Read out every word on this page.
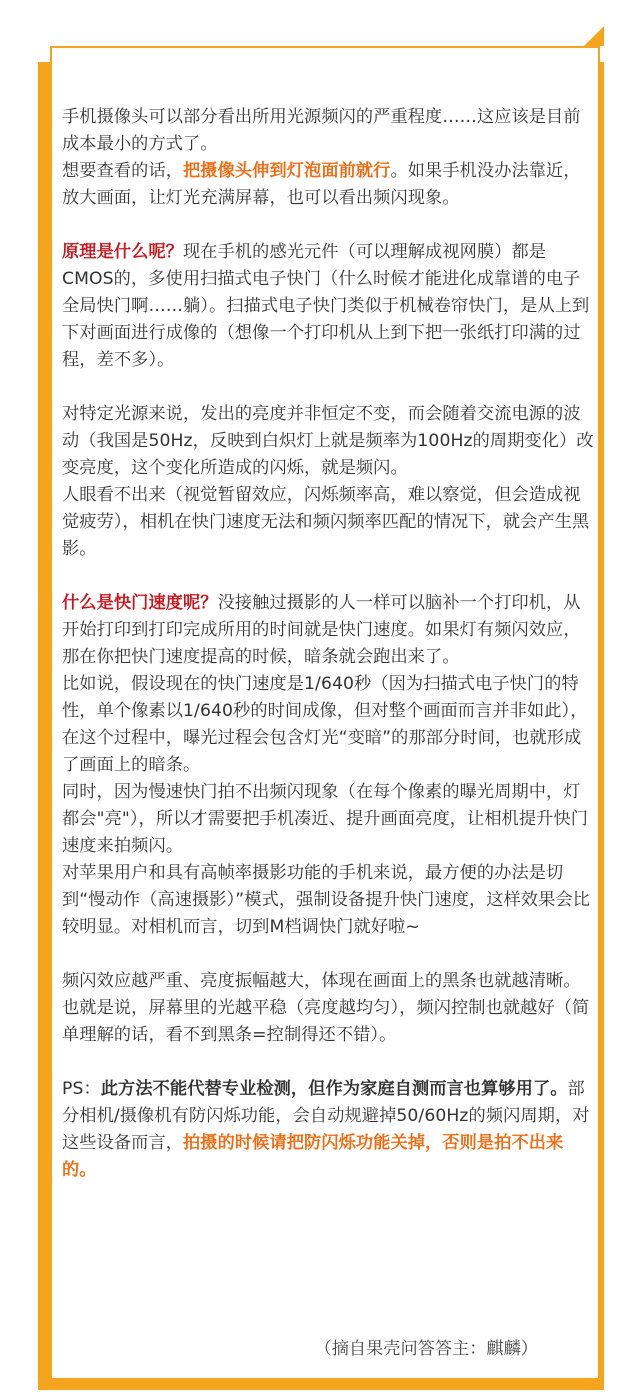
手机摄像头可以部分看出所用光源频闪的严重程度……这应该是目前成本最小的方式了。

想要查看的话，把摄像头伸到灯泡面前就行。如果手机没办法靠近，放大画面，让灯光充满屏幕，也可以看出频闪现象。

原理是什么呢？现在手机的感光元件（可以理解成视网膜）都是CMOS的，多使用扫描式电子快门（什么时候才能进化成靠谱的电子全局快门啊……躺）。扫描式电子快门类似于机械卷帘快门，是从上到下对画面进行成像的（想像一个打印机从上到下把一张纸打印满的过程，差不多）。

对特定光源来说，发出的亮度并非恒定不变，而会随着交流电源的波动（我国是50Hz，反映到白炽灯上就是频率为100Hz的周期变化）改变亮度，这个变化所造成的闪烁，就是频闪。

人眼看不出来（视觉暂留效应，闪烁频率高，难以察觉，但会造成视觉疲劳），相机在快门速度无法和频闪频率匹配的情况下，就会产生黑影。

什么是快门速度呢？没接触过摄影的人一样可以脑补一个打印机，从开始打印到打印完成所用的时间就是快门速度。如果灯有频闪效应，那在你把快门速度提高的时候，暗条就会跑出来了。

比如说，假设现在的快门速度是1/640秒（因为扫描式电子快门的特性，单个像素以1/640秒的时间成像，但对整个画面而言并非如此），在这个过程中，曝光过程会包含灯光“变暗”的那部分时间，也就形成了画面上的暗条。

同时，因为慢速快门拍不出频闪现象（在每个像素的曝光周期中，灯都会"亮"），所以才需要把手机凑近、提升画面亮度，让相机提升快门速度来拍频闪。

对苹果用户和具有高帧率摄影功能的手机来说，最方便的办法是切到“慢动作（高速摄影）”模式，强制设备提升快门速度，这样效果会比较明显。对相机而言，切到M档调快门就好啦~

频闪效应越严重、亮度振幅越大，体现在画面上的黑条也就越清晰。也就是说，屏幕里的光越平稳（亮度越均匀），频闪控制也就越好（简单理解的话，看不到黑条=控制得还不错）。

PS：此方法不能代替专业检测，但作为家庭自测而言也算够用了。部分相机/摄像机有防闪烁功能，会自动规避掉50/60Hz的频闪周期，对这些设备而言，拍摄的时候请把防闪烁功能关掉，否则是拍不出来的。

（摘自果壳问答答主：麒麟）
